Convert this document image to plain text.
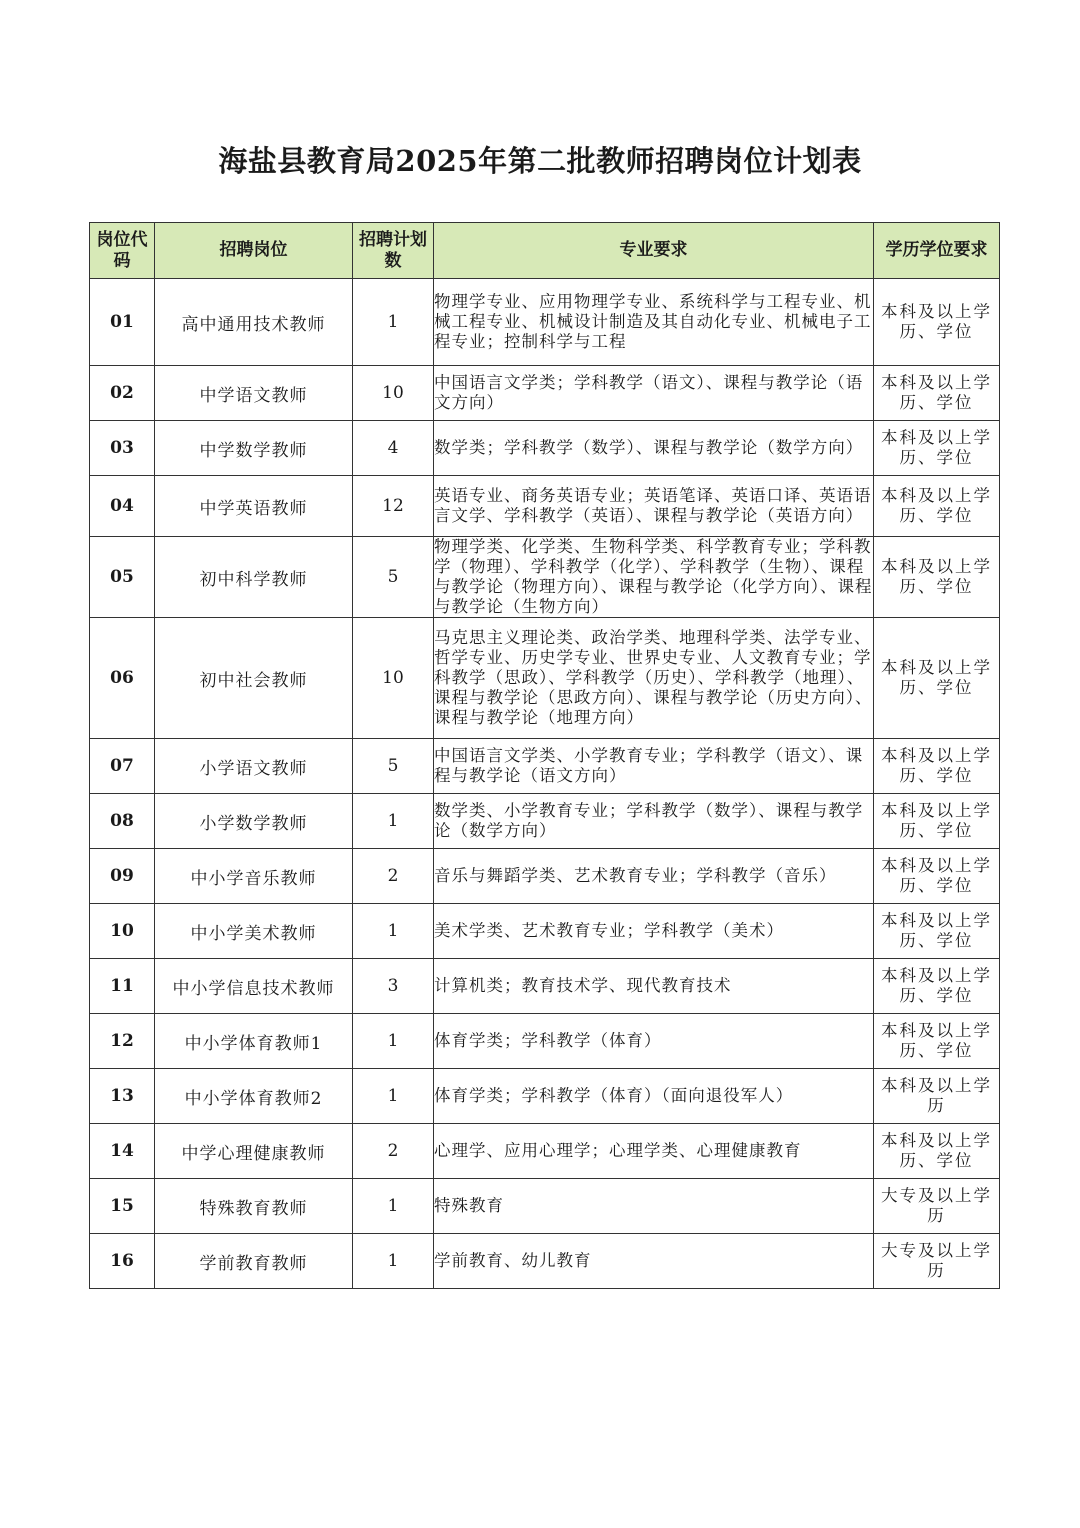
海盐县教育局2025年第二批教师招聘岗位计划表
岗位代码	招聘岗位	招聘计划数	专业要求	学历学位要求
01	高中通用技术教师	1	物理学专业、应用物理学专业、系统科学与工程专业、机械工程专业、机械设计制造及其自动化专业、机械电子工程专业；控制科学与工程	本科及以上学历、学位
02	中学语文教师	10	中国语言文学类；学科教学（语文）、课程与教学论（语文方向）	本科及以上学历、学位
03	中学数学教师	4	数学类；学科教学（数学）、课程与教学论（数学方向）	本科及以上学历、学位
04	中学英语教师	12	英语专业、商务英语专业；英语笔译、英语口译、英语语言文学、学科教学（英语）、课程与教学论（英语方向）	本科及以上学历、学位
05	初中科学教师	5	物理学类、化学类、生物科学类、科学教育专业；学科教学（物理）、学科教学（化学）、学科教学（生物）、课程与教学论（物理方向）、课程与教学论（化学方向）、课程与教学论（生物方向）	本科及以上学历、学位
06	初中社会教师	10	马克思主义理论类、政治学类、地理科学类、法学专业、哲学专业、历史学专业、世界史专业、人文教育专业；学科教学（思政）、学科教学（历史）、学科教学（地理）、课程与教学论（思政方向）、课程与教学论（历史方向）、课程与教学论（地理方向）	本科及以上学历、学位
07	小学语文教师	5	中国语言文学类、小学教育专业；学科教学（语文）、课程与教学论（语文方向）	本科及以上学历、学位
08	小学数学教师	1	数学类、小学教育专业；学科教学（数学）、课程与教学论（数学方向）	本科及以上学历、学位
09	中小学音乐教师	2	音乐与舞蹈学类、艺术教育专业；学科教学（音乐）	本科及以上学历、学位
10	中小学美术教师	1	美术学类、艺术教育专业；学科教学（美术）	本科及以上学历、学位
11	中小学信息技术教师	3	计算机类；教育技术学、现代教育技术	本科及以上学历、学位
12	中小学体育教师1	1	体育学类；学科教学（体育）	本科及以上学历、学位
13	中小学体育教师2	1	体育学类；学科教学（体育）（面向退役军人）	本科及以上学历
14	中学心理健康教师	2	心理学、应用心理学；心理学类、心理健康教育	本科及以上学历、学位
15	特殊教育教师	1	特殊教育	大专及以上学历
16	学前教育教师	1	学前教育、幼儿教育	大专及以上学历
